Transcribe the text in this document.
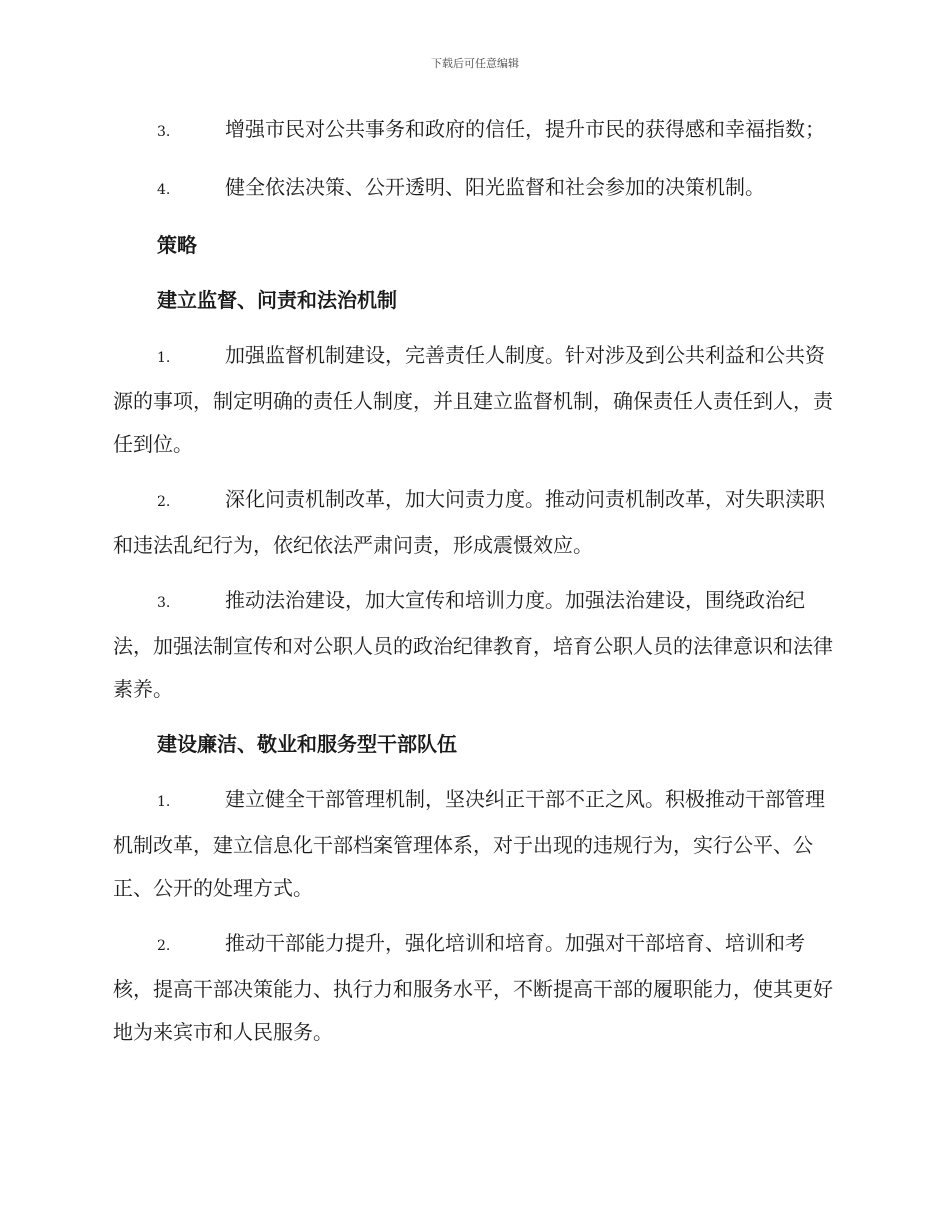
下载后可任意编辑

3.	增强市民对公共事务和政府的信任，提升市民的获得感和幸福指数；

4.	健全依法决策、公开透明、阳光监督和社会参加的决策机制。

策略

建立监督、问责和法治机制

1.	加强监督机制建设，完善责任人制度。针对涉及到公共利益和公共资源的事项，制定明确的责任人制度，并且建立监督机制，确保责任人责任到人，责任到位。

2.	深化问责机制改革，加大问责力度。推动问责机制改革，对失职渎职和违法乱纪行为，依纪依法严肃问责，形成震慑效应。

3.	推动法治建设，加大宣传和培训力度。加强法治建设，围绕政治纪法，加强法制宣传和对公职人员的政治纪律教育，培育公职人员的法律意识和法律素养。

建设廉洁、敬业和服务型干部队伍

1.	建立健全干部管理机制，坚决纠正干部不正之风。积极推动干部管理机制改革，建立信息化干部档案管理体系，对于出现的违规行为，实行公平、公正、公开的处理方式。

2.	推动干部能力提升，强化培训和培育。加强对干部培育、培训和考核，提高干部决策能力、执行力和服务水平，不断提高干部的履职能力，使其更好地为来宾市和人民服务。
